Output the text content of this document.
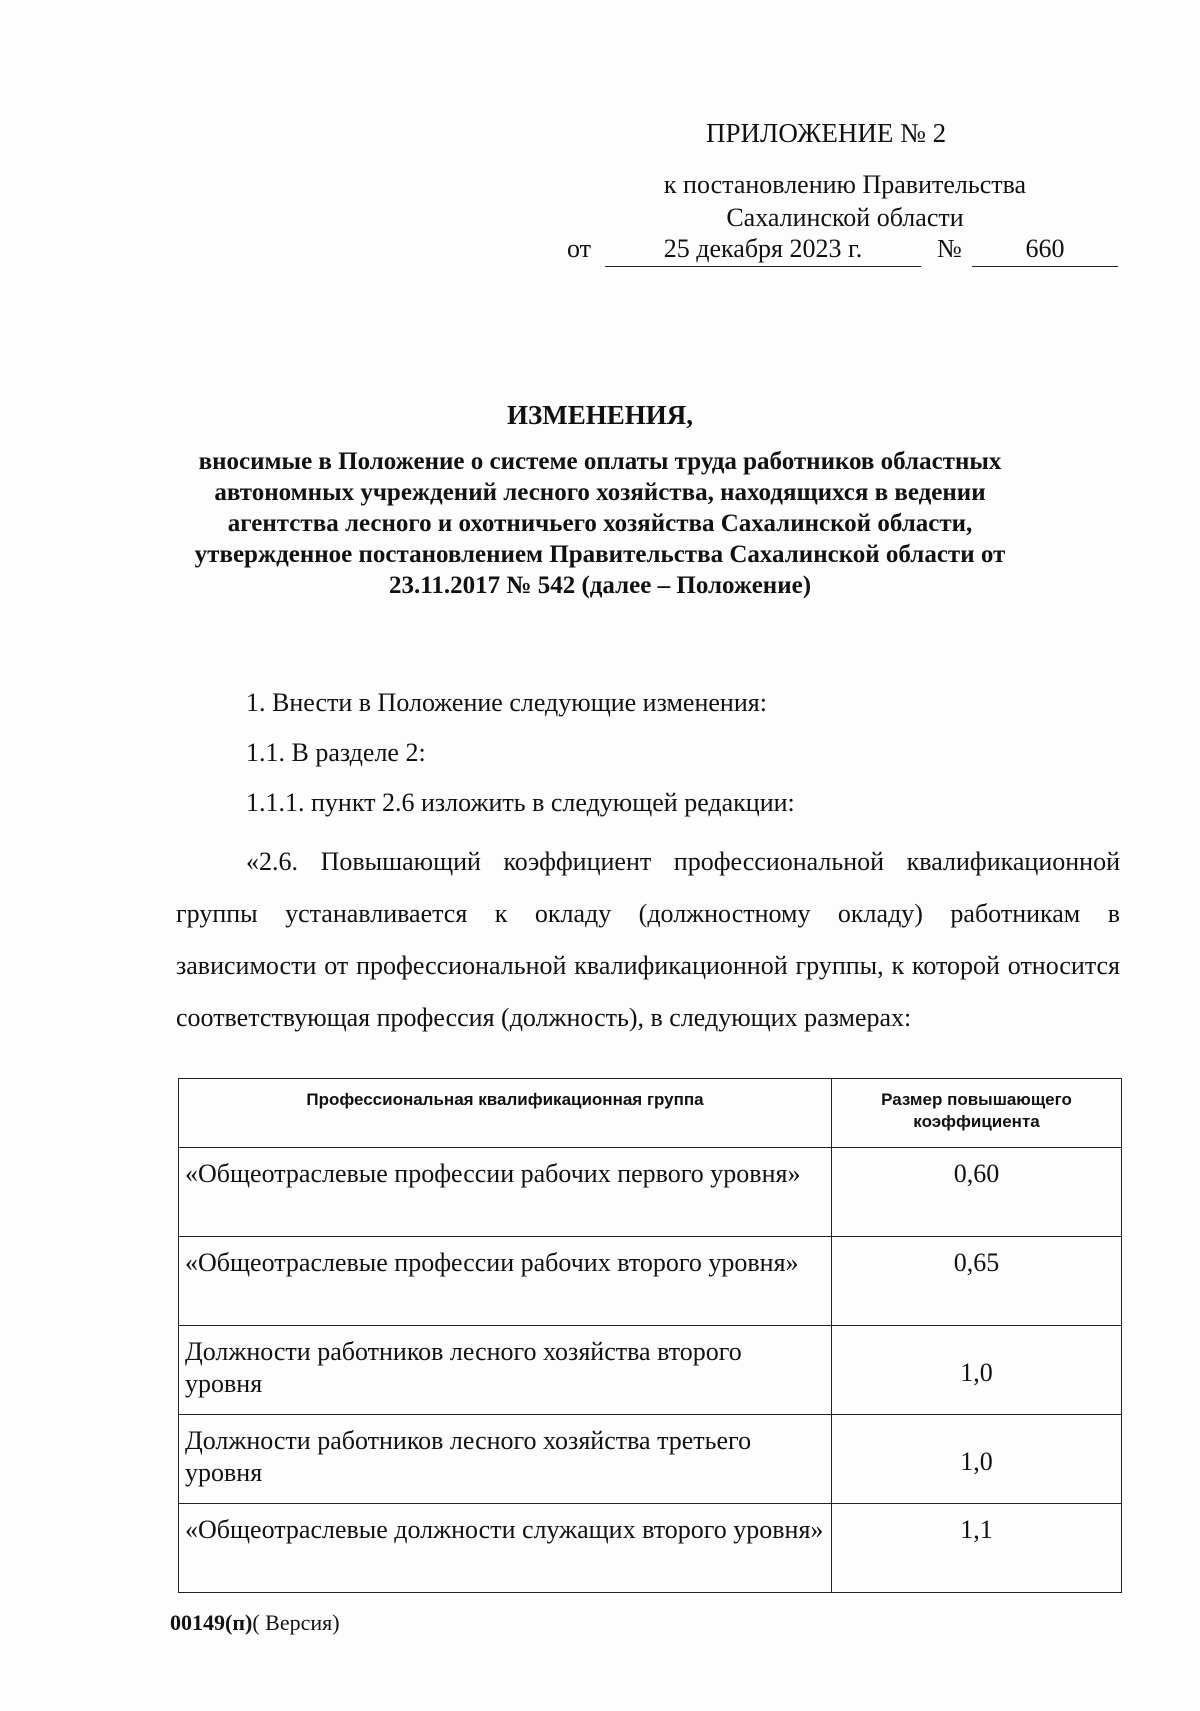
ПРИЛОЖЕНИЕ № 2
к постановлению Правительства
Сахалинской области
от	25 декабря 2023 г.	№	660
ИЗМЕНЕНИЯ,
вносимые в Положение о системе оплаты труда работников областных
автономных учреждений лесного хозяйства, находящихся в ведении
агентства лесного и охотничьего хозяйства Сахалинской области,
утвержденное постановлением Правительства Сахалинской области от
23.11.2017 № 542 (далее – Положение)
1. Внести в Положение следующие изменения:
1.1. В разделе 2:
1.1.1. пункт 2.6 изложить в следующей редакции:
«2.6. Повышающий коэффициент профессиональной квалификационной группы устанавливается к окладу (должностному окладу) работникам в зависимости от профессиональной квалификационной группы, к которой относится соответствующая профессия (должность), в следующих размерах:
Профессиональная квалификационная группа	Размер повышающего коэффициента
«Общеотраслевые профессии рабочих первого уровня»	0,60
«Общеотраслевые профессии рабочих второго уровня»	0,65
Должности работников лесного хозяйства второго уровня	1,0
Должности работников лесного хозяйства третьего уровня	1,0
«Общеотраслевые должности служащих второго уровня»	1,1
00149(п)( Версия)
